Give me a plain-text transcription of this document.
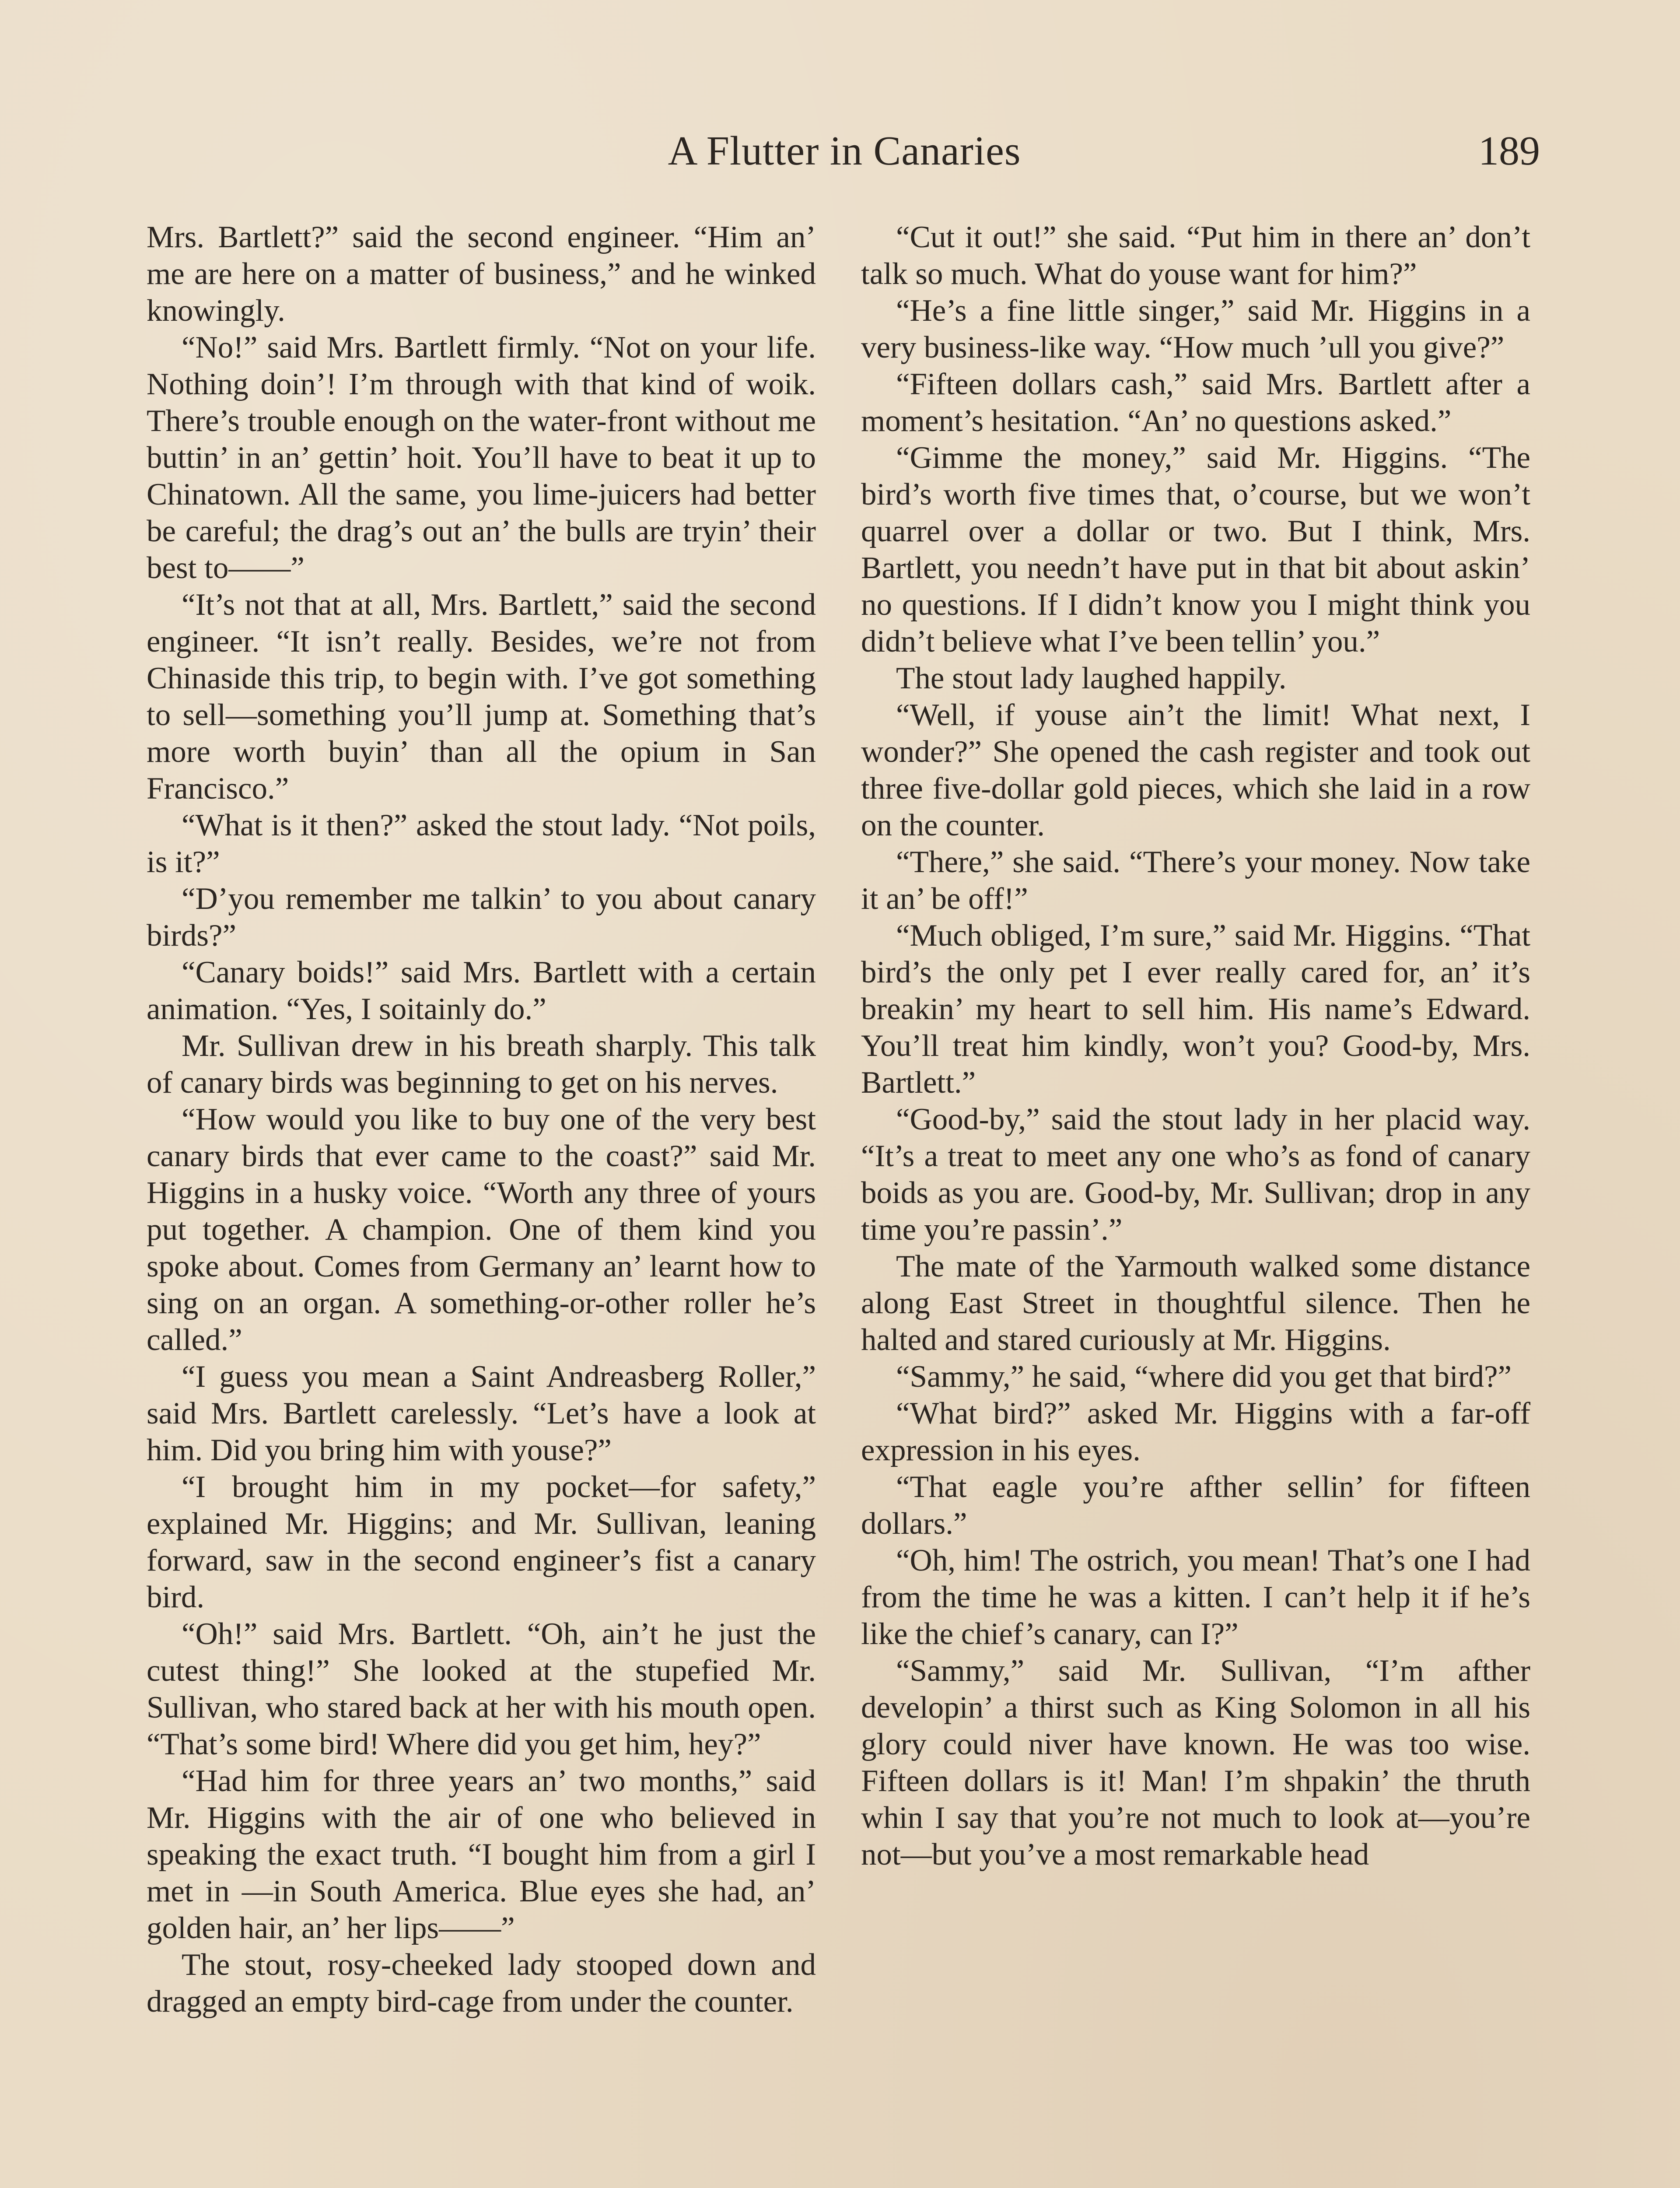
A Flutter in Canaries	189

Mrs. Bartlett?” said the second engineer. “Him an’ me are here on a matter of business,” and he winked knowingly.

“No!” said Mrs. Bartlett firmly. “Not on your life. Nothing doin’! I’m through with that kind of woik. There’s trouble enough on the water-front without me buttin’ in an’ gettin’ hoit. You’ll have to beat it up to Chinatown. All the same, you lime-juicers had better be careful; the drag’s out an’ the bulls are tryin’ their best to——”

“It’s not that at all, Mrs. Bartlett,” said the second engineer. “It isn’t really. Besides, we’re not from Chinaside this trip, to begin with. I’ve got something to sell—something you’ll jump at. Something that’s more worth buyin’ than all the opium in San Francisco.”

“What is it then?” asked the stout lady. “Not poils, is it?”

“D’you remember me talkin’ to you about canary birds?”

“Canary boids!” said Mrs. Bartlett with a certain animation. “Yes, I soitainly do.”

Mr. Sullivan drew in his breath sharply. This talk of canary birds was beginning to get on his nerves.

“How would you like to buy one of the very best canary birds that ever came to the coast?” said Mr. Higgins in a husky voice. “Worth any three of yours put together. A champion. One of them kind you spoke about. Comes from Germany an’ learnt how to sing on an organ. A something-or-other roller he’s called.”

“I guess you mean a Saint Andreasberg Roller,” said Mrs. Bartlett carelessly. “Let’s have a look at him. Did you bring him with youse?”

“I brought him in my pocket—for safety,” explained Mr. Higgins; and Mr. Sullivan, leaning forward, saw in the second engineer’s fist a canary bird.

“Oh!” said Mrs. Bartlett. “Oh, ain’t he just the cutest thing!” She looked at the stupefied Mr. Sullivan, who stared back at her with his mouth open. “That’s some bird! Where did you get him, hey?”

“Had him for three years an’ two months,” said Mr. Higgins with the air of one who believed in speaking the exact truth. “I bought him from a girl I met in —in South America. Blue eyes she had, an’ golden hair, an’ her lips——”

The stout, rosy-cheeked lady stooped down and dragged an empty bird-cage from under the counter.

“Cut it out!” she said. “Put him in there an’ don’t talk so much. What do youse want for him?”

“He’s a fine little singer,” said Mr. Higgins in a very business-like way. “How much ’ull you give?”

“Fifteen dollars cash,” said Mrs. Bartlett after a moment’s hesitation. “An’ no questions asked.”

“Gimme the money,” said Mr. Higgins. “The bird’s worth five times that, o’course, but we won’t quarrel over a dollar or two. But I think, Mrs. Bartlett, you needn’t have put in that bit about askin’ no questions. If I didn’t know you I might think you didn’t believe what I’ve been tellin’ you.”

The stout lady laughed happily.

“Well, if youse ain’t the limit! What next, I wonder?” She opened the cash register and took out three five-dollar gold pieces, which she laid in a row on the counter.

“There,” she said. “There’s your money. Now take it an’ be off!”

“Much obliged, I’m sure,” said Mr. Higgins. “That bird’s the only pet I ever really cared for, an’ it’s breakin’ my heart to sell him. His name’s Edward. You’ll treat him kindly, won’t you? Good-by, Mrs. Bartlett.”

“Good-by,” said the stout lady in her placid way. “It’s a treat to meet any one who’s as fond of canary boids as you are. Good-by, Mr. Sullivan; drop in any time you’re passin’.”

The mate of the Yarmouth walked some distance along East Street in thoughtful silence. Then he halted and stared curiously at Mr. Higgins.

“Sammy,” he said, “where did you get that bird?”

“What bird?” asked Mr. Higgins with a far-off expression in his eyes.

“That eagle you’re afther sellin’ for fifteen dollars.”

“Oh, him! The ostrich, you mean! That’s one I had from the time he was a kitten. I can’t help it if he’s like the chief’s canary, can I?”

“Sammy,” said Mr. Sullivan, “I’m afther developin’ a thirst such as King Solomon in all his glory could niver have known. He was too wise. Fifteen dollars is it! Man! I’m shpakin’ the thruth whin I say that you’re not much to look at—you’re not—but you’ve a most remarkable head
